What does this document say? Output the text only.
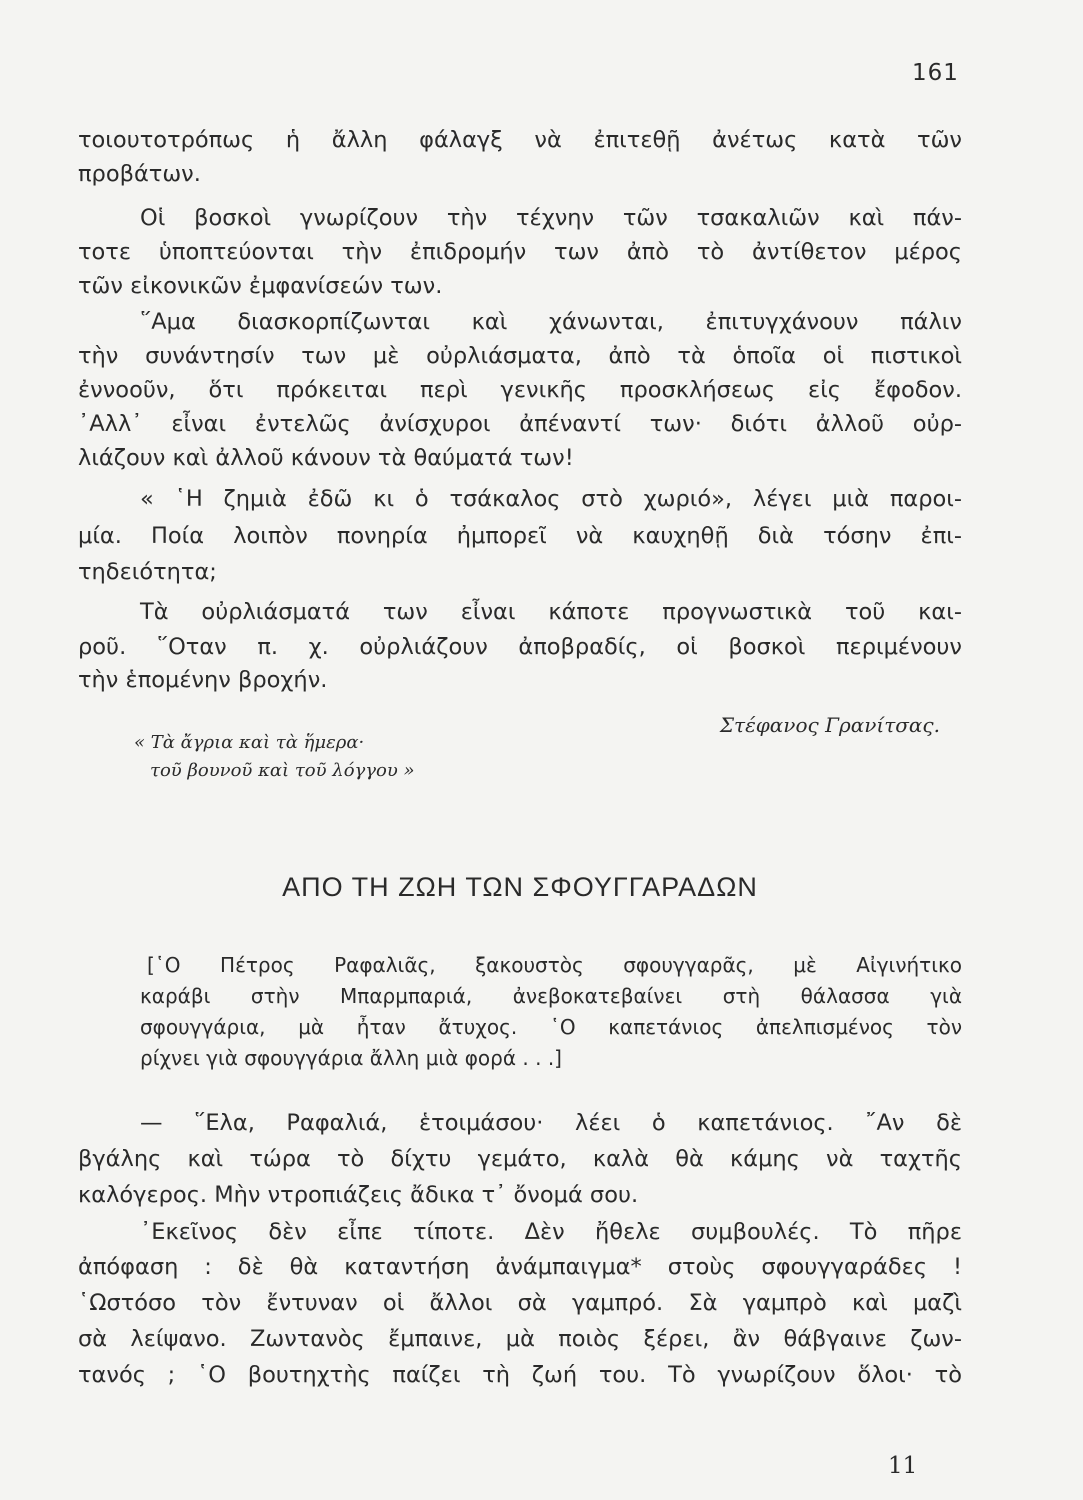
161
τοιουτοτρόπως ἡ ἄλλη φάλαγξ νὰ ἐπιτεθῇ ἀνέτως κατὰ τῶν
προβάτων.
Οἱ βοσκοὶ γνωρίζουν τὴν τέχνην τῶν τσακαλιῶν καὶ πάν-
τοτε ὑποπτεύονται τὴν ἐπιδρομήν των ἀπὸ τὸ ἀντίθετον μέρος
τῶν εἰκονικῶν ἐμφανίσεών των.
῞Αμα διασκορπίζωνται καὶ χάνωνται, ἐπιτυγχάνουν πάλιν
τὴν συνάντησίν των μὲ οὐρλιάσματα, ἀπὸ τὰ ὁποῖα οἱ πιστικοὶ
ἐννοοῦν, ὅτι πρόκειται περὶ γενικῆς προσκλήσεως εἰς ἔφοδον.
᾿Αλλ᾿ εἶναι ἐντελῶς ἀνίσχυροι ἀπέναντί των· διότι ἀλλοῦ οὐρ-
λιάζουν καὶ ἀλλοῦ κάνουν τὰ θαύματά των!
« ῾Η ζημιὰ ἐδῶ κι ὁ τσάκαλος στὸ χωριό», λέγει μιὰ παροι-
μία. Ποία λοιπὸν πονηρία ἠμπορεῖ νὰ καυχηθῇ διὰ τόσην ἐπι-
τηδειότητα;
Τὰ οὐρλιάσματά των εἶναι κάποτε προγνωστικὰ τοῦ και-
ροῦ. ῞Οταν π. χ. οὐρλιάζουν ἀποβραδίς, οἱ βοσκοὶ περιμένουν
τὴν ἑπομένην βροχήν.
Στέφανος Γρανίτσας.
« Τὰ ἄγρια καὶ τὰ ἥμερα·
τοῦ βουνοῦ καὶ τοῦ λόγγου »
ΑΠΟ ΤΗ ΖΩΗ ΤΩΝ ΣΦΟΥΓΓΑΡΑΔΩΝ
[῾Ο Πέτρος Ραφαλιᾶς, ξακουστὸς σφουγγαρᾶς, μὲ Αἰγινήτικο
καράβι στὴν Μπαρμπαριά, ἀνεβοκατεβαίνει στὴ θάλασσα γιὰ
σφουγγάρια, μὰ ἦταν ἄτυχος. ῾Ο καπετάνιος ἀπελπισμένος τὸν
ρίχνει γιὰ σφουγγάρια ἄλλη μιὰ φορά . . .]
— ῞Ελα, Ραφαλιά, ἑτοιμάσου· λέει ὁ καπετάνιος. ῎Αν δὲ
βγάλης καὶ τώρα τὸ δίχτυ γεμάτο, καλὰ θὰ κάμης νὰ ταχτῆς
καλόγερος. Μὴν ντροπιάζεις ἄδικα τ᾿ ὄνομά σου.
᾿Εκεῖνος δὲν εἶπε τίποτε. Δὲν ἤθελε συμβουλές. Τὸ πῆρε
ἀπόφαση : δὲ θὰ καταντήση ἀνάμπαιγμα* στοὺς σφουγγαράδες !
῾Ωστόσο τὸν ἔντυναν οἱ ἄλλοι σὰ γαμπρό. Σὰ γαμπρὸ καὶ μαζὶ
σὰ λείψανο. Ζωντανὸς ἔμπαινε, μὰ ποιὸς ξέρει, ἂν θάβγαινε ζων-
τανός ; ῾Ο βουτηχτὴς παίζει τὴ ζωή του. Τὸ γνωρίζουν ὅλοι· τὸ
11
